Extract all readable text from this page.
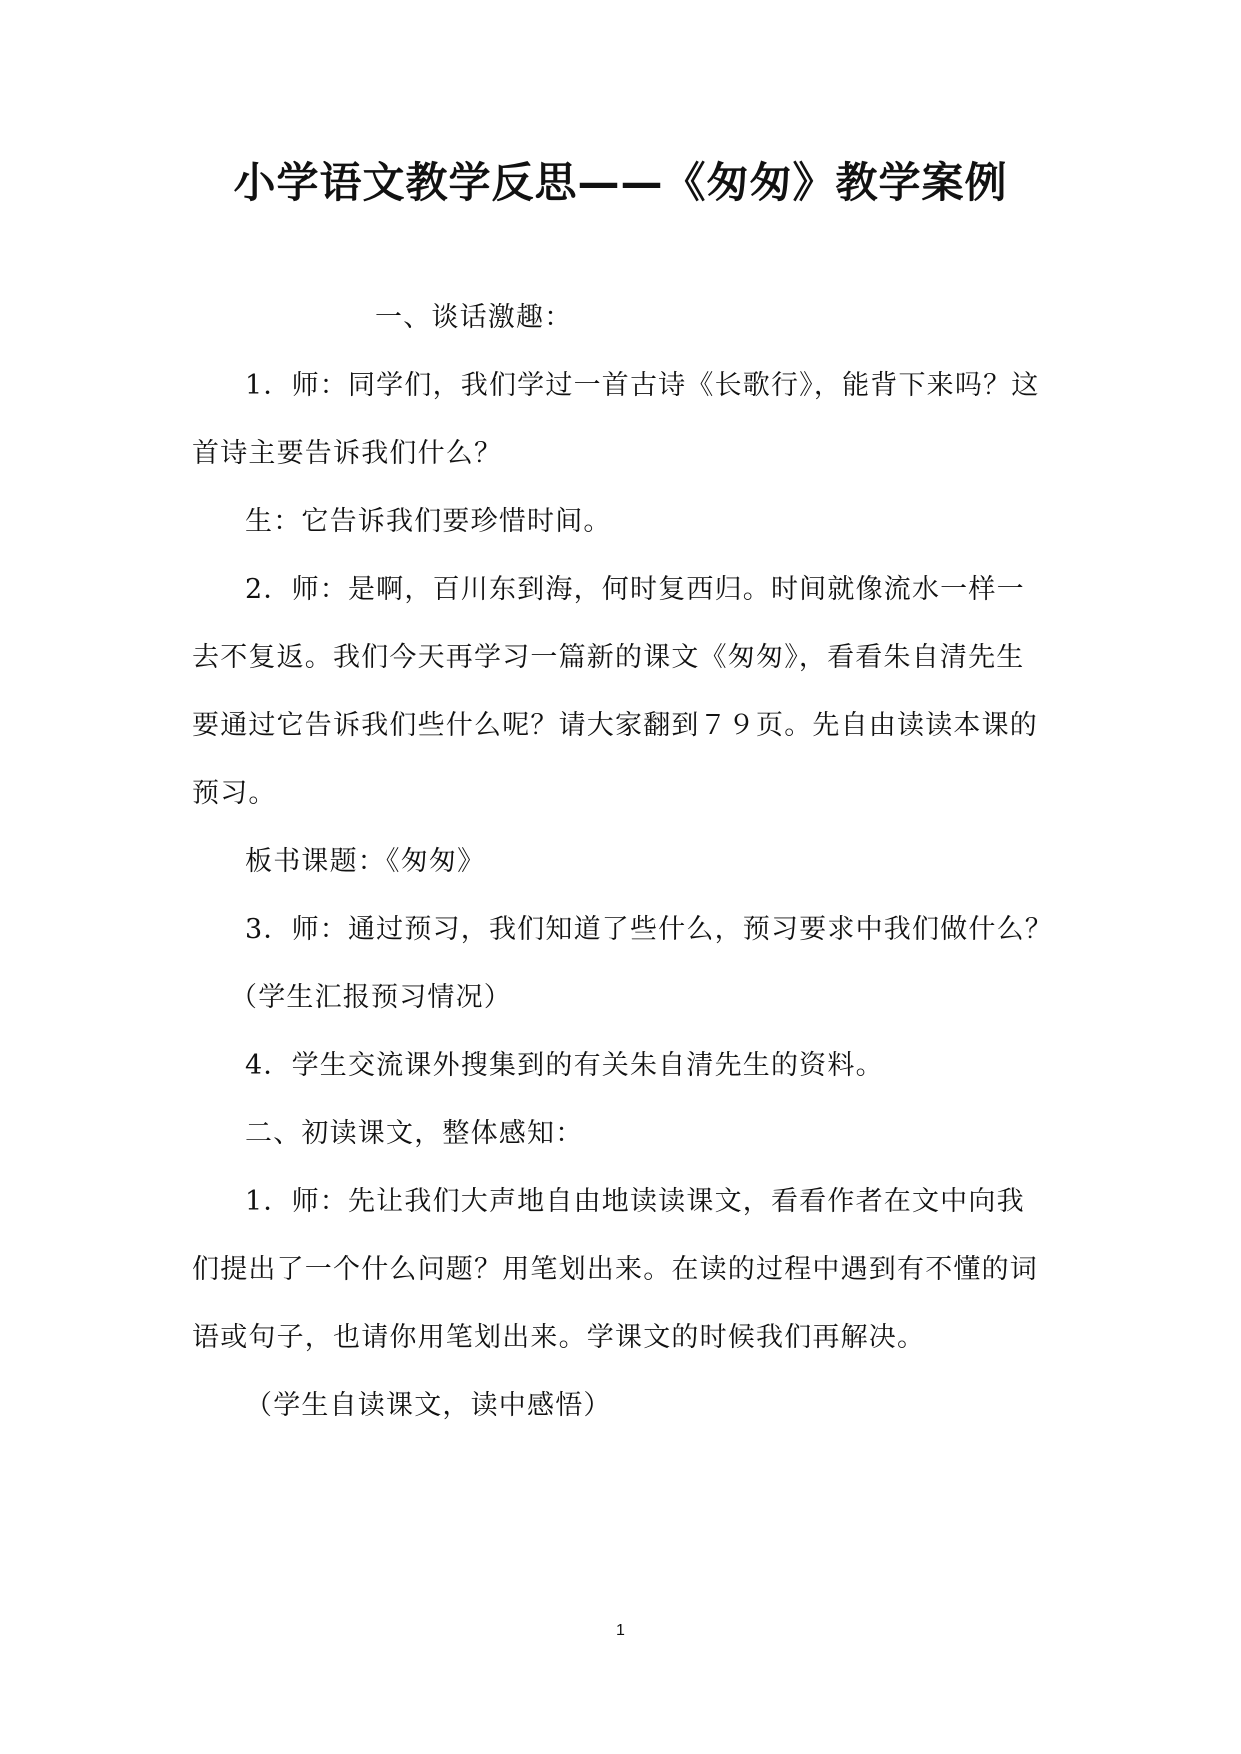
小学语文教学反思——《匆匆》教学案例
一、谈话激趣：
1．师：同学们，我们学过一首古诗《长歌行》，能背下来吗？这
首诗主要告诉我们什么？
生：它告诉我们要珍惜时间。
2．师：是啊，百川东到海，何时复西归。时间就像流水一样一
去不复返。我们今天再学习一篇新的课文《匆匆》，看看朱自清先生
要通过它告诉我们些什么呢？请大家翻到７９页。先自由读读本课的
预习。
板书课题：《匆匆》
3．师：通过预习，我们知道了些什么，预习要求中我们做什么？
（学生汇报预习情况）
4．学生交流课外搜集到的有关朱自清先生的资料。
二、初读课文，整体感知：
1．师：先让我们大声地自由地读读课文，看看作者在文中向我
们提出了一个什么问题？用笔划出来。在读的过程中遇到有不懂的词
语或句子，也请你用笔划出来。学课文的时候我们再解决。
（学生自读课文，读中感悟）
1
